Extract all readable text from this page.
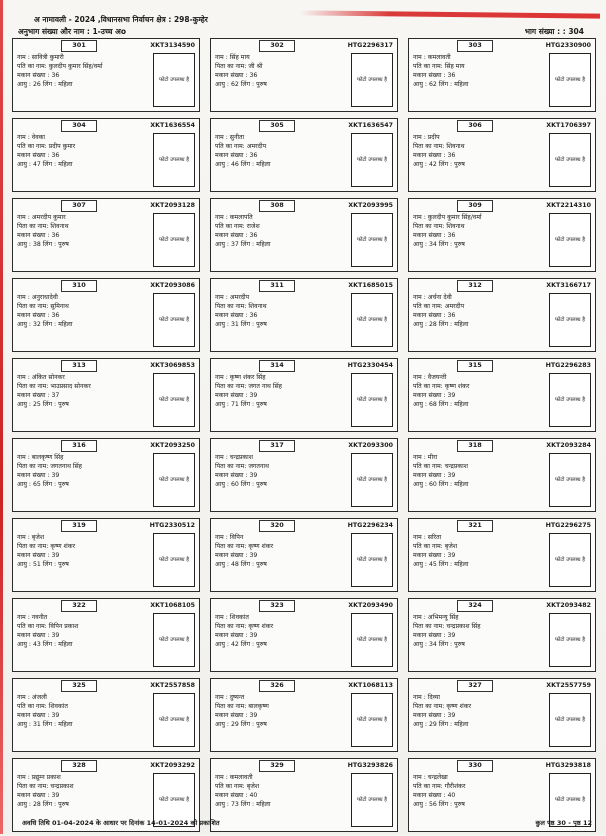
अ नामावली - 2024 ,विधानसभा निर्वाचन क्षेत्र : 298-कुम्हेर
अनुभाग संख्या और नाम : 1-उच्च अo	भाग संख्या : : 304
301	XKT3134590
नाम : सावित्री कुमारी
पति का नाम: कुलदीप कुमार सिंह/वर्मा
मकान संख्या : 36
आयु : 26 लिंग : महिला
फोटो उपलब्ध है
302	HTG2296317
नाम : सिंह माय
पिता का नाम: जी श्री
मकान संख्या : 36
आयु : 62 लिंग : पुरुष
फोटो उपलब्ध है
303	HTG2330900
नाम : कमलावती
पति का नाम: सिंह माय
मकान संख्या : 36
आयु : 62 लिंग : महिला
फोटो उपलब्ध है
304	XKT1636554
नाम : वेवका
पति का नाम: प्रदीप कुमार
मकान संख्या : 36
आयु : 47 लिंग : महिला
फोटो उपलब्ध है
305	XKT1636547
नाम : सुनीता
पति का नाम: अमरदीप
मकान संख्या : 36
आयु : 46 लिंग : महिला
फोटो उपलब्ध है
306	XKT1706397
नाम : प्रदीप
पिता का नाम: शिवनाथ
मकान संख्या : 36
आयु : 42 लिंग : पुरुष
फोटो उपलब्ध है
307	XKT2093128
नाम : अमरदीप कुमार
पिता का नाम: शिवनाथ
मकान संख्या : 36
आयु : 38 लिंग : पुरुष
फोटो उपलब्ध है
308	XKT2093995
नाम : कमलापति
पति का नाम: राजेश
मकान संख्या : 36
आयु : 37 लिंग : महिला
फोटो उपलब्ध है
309	XKT2214310
नाम : कुलदीप कुमार सिंह/वर्मा
पिता का नाम: शिवनाथ
मकान संख्या : 36
आयु : 34 लिंग : पुरुष
फोटो उपलब्ध है
310	XKT2093086
नाम : अनुराधादेवी
पिता का नाम: सुमिनाथ
मकान संख्या : 36
आयु : 32 लिंग : महिला
फोटो उपलब्ध है
311	XKT1685015
नाम : अमरदीप
पिता का नाम: शिवनाथ
मकान संख्या : 36
आयु : 31 लिंग : पुरुष
फोटो उपलब्ध है
312	XKT3166717
नाम : अर्चना देवी
पति का नाम: अमरदीप
मकान संख्या : 36
आयु : 28 लिंग : महिला
फोटो उपलब्ध है
313	XKT3069853
नाम : अंकित सोनकर
पिता का नाम: भाउप्रसाद सोनकर
मकान संख्या : 37
आयु : 25 लिंग : पुरुष
फोटो उपलब्ध है
314	HTG2330454
नाम : कृष्ण शंकर सिंह
पिता का नाम: जगत नाथ सिंह
मकान संख्या : 39
आयु : 71 लिंग : पुरुष
फोटो उपलब्ध है
315	HTG2296283
नाम : वैजयन्ती
पति का नाम: कृष्ण शंकर
मकान संख्या : 39
आयु : 68 लिंग : महिला
फोटो उपलब्ध है
316	XKT2093250
नाम : बालकृष्ण सिंह
पिता का नाम: जगतनाथ सिंह
मकान संख्या : 39
आयु : 65 लिंग : पुरुष
फोटो उपलब्ध है
317	XKT2093300
नाम : चन्द्रप्रकाश
पिता का नाम: जगतनाथ
मकान संख्या : 39
आयु : 60 लिंग : पुरुष
फोटो उपलब्ध है
318	XKT2093284
नाम : मीरा
पति का नाम: चन्द्रप्रकाश
मकान संख्या : 39
आयु : 60 लिंग : महिला
फोटो उपलब्ध है
319	HTG2330512
नाम : बृजेश
पिता का नाम: कृष्ण शंकर
मकान संख्या : 39
आयु : 51 लिंग : पुरुष
फोटो उपलब्ध है
320	HTG2296234
नाम : विपिन
पिता का नाम: कृष्ण शंकर
मकान संख्या : 39
आयु : 48 लिंग : पुरुष
फोटो उपलब्ध है
321	HTG2296275
नाम : सरिता
पति का नाम: बृजेश
मकान संख्या : 39
आयु : 45 लिंग : महिला
फोटो उपलब्ध है
322	XKT1068105
नाम : नवनीत
पति का नाम: विपिन प्रकाश
मकान संख्या : 39
आयु : 43 लिंग : महिला
फोटो उपलब्ध है
323	XKT2093490
नाम : शिवकांत
पिता का नाम: कृष्ण शंकर
मकान संख्या : 39
आयु : 42 लिंग : पुरुष
फोटो उपलब्ध है
324	XKT2093482
नाम : अभिमन्यु सिंह
पिता का नाम: चन्द्रप्रकाश सिंह
मकान संख्या : 39
आयु : 34 लिंग : पुरुष
फोटो उपलब्ध है
325	XKT2557858
नाम : अंजली
पति का नाम: शिवकांत
मकान संख्या : 39
आयु : 31 लिंग : महिला
फोटो उपलब्ध है
326	XKT1068113
नाम : दुष्यन्त
पिता का नाम: बालकृष्ण
मकान संख्या : 39
आयु : 29 लिंग : पुरुष
फोटो उपलब्ध है
327	XKT2557759
नाम : दिव्या
पिता का नाम: कृष्ण शंकर
मकान संख्या : 39
आयु : 29 लिंग : महिला
फोटो उपलब्ध है
328	XKT2093292
नाम : प्रद्युम्न प्रकाश
पिता का नाम: चन्द्रप्रकाश
मकान संख्या : 39
आयु : 28 लिंग : पुरुष
फोटो उपलब्ध है
329	HTG3293826
नाम : कमलावती
पति का नाम: बृजेश
मकान संख्या : 40
आयु : 73 लिंग : महिला
फोटो उपलब्ध है
330	HTG3293818
नाम : चन्द्रलेखा
पति का नाम: गौरीशंकर
मकान संख्या : 40
आयु : 56 लिंग : पुरुष
फोटो उपलब्ध है
अवधि तिथि 01-04-2024 के आधार पर दिनांक 14-01-2024 को प्रकाशित	कुल पृष्ठ 30 - पृष्ठ 12
